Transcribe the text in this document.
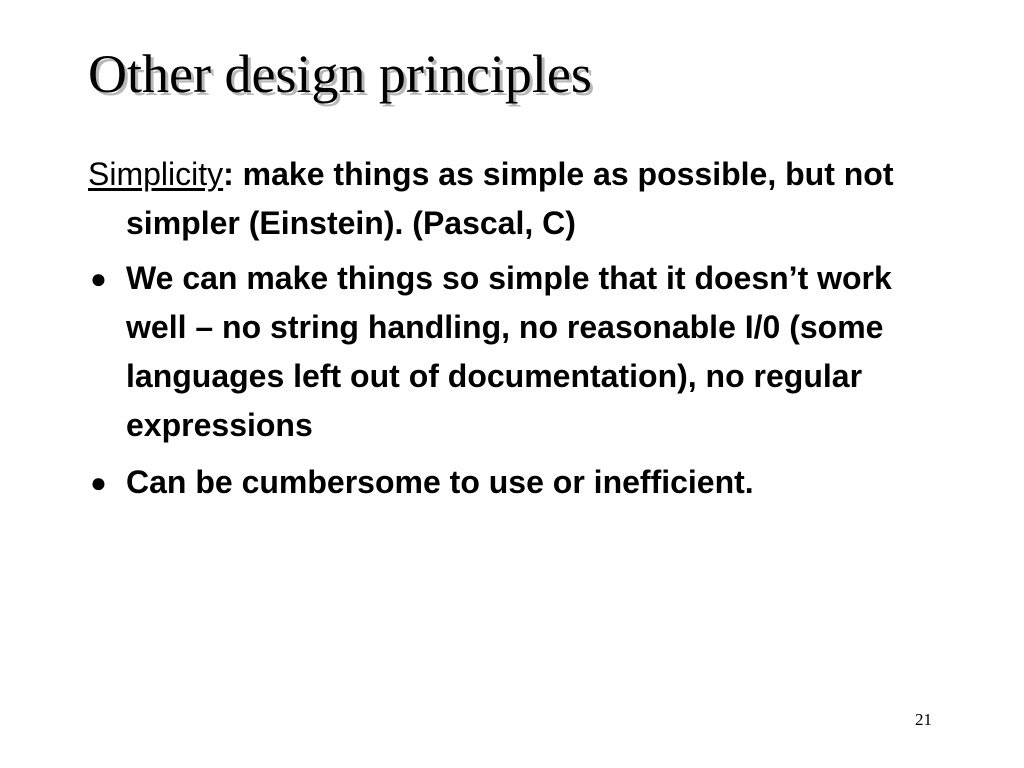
Other design principles

Simplicity: make things as simple as possible, but not simpler (Einstein). (Pascal, C)

● We can make things so simple that it doesn’t work well – no string handling, no reasonable I/0 (some languages left out of documentation), no regular expressions
● Can be cumbersome to use or inefficient.
21
